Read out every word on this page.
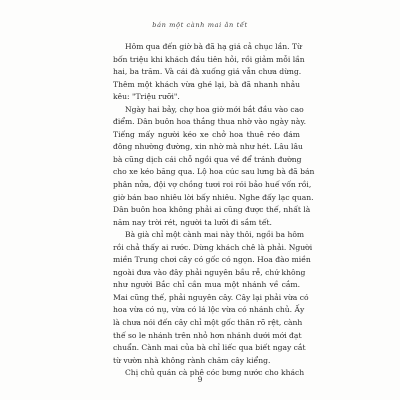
bán một cành mai ăn tết
Hôm qua đến giờ bà đã hạ giá cả chục lần. Từ
bốn triệu khi khách đầu tiên hỏi, rồi giảm mỗi lần
hai, ba trăm. Và cái đà xuống giá vẫn chưa dừng.
Thêm một khách vừa ghé lại, bà đã nhanh nhảu
kêu: "Triệu rưỡi".
Ngày hai bảy, chợ hoa giờ mới bắt đầu vào cao
điểm. Dân buôn hoa thắng thua nhờ vào ngày này.
Tiếng mấy người kéo xe chở hoa thuê réo đám
đông nhường đường, xin nhờ mà như hét. Lâu lâu
bà cũng dịch cái chỗ ngồi qua về để tránh đường
cho xe kéo băng qua. Lộ hoa cúc sau lưng bà đã bán
phân nửa, đội vợ chồng tươi roi rói bảo huế vốn rồi,
giờ bán bao nhiêu lời bấy nhiêu. Nghe đấy lạc quan.
Dân buôn hoa không phải ai cũng được thế, nhất là
năm nay trời rét, người ta lưỡi đi sắm tết.
Bà già chỉ một cành mai này thôi, ngồi ba hôm
rồi chả thấy ai rước. Dừng khách chê là phải. Người
miền Trung chơi cây có gốc có ngọn. Hoa đào miền
ngoài đưa vào đây phải nguyên bầu rễ, chứ không
như người Bắc chỉ cần mua một nhánh về cắm.
Mai cũng thế, phải nguyên cây. Cây lại phải vừa có
hoa vừa có nụ, vừa có lá lộc vừa có nhánh chủ. Ấy
là chưa nói đến cây chỉ một gốc thân rõ rệt, cành
thế so le nhánh trên nhỏ hơn nhánh dưới mới đạt
chuẩn. Cành mai của bà chỉ liếc qua biết ngay cắt
từ vườn nhà không rành chăm cây kiểng.
Chị chủ quán cà phê cóc bưng nước cho khách
9
